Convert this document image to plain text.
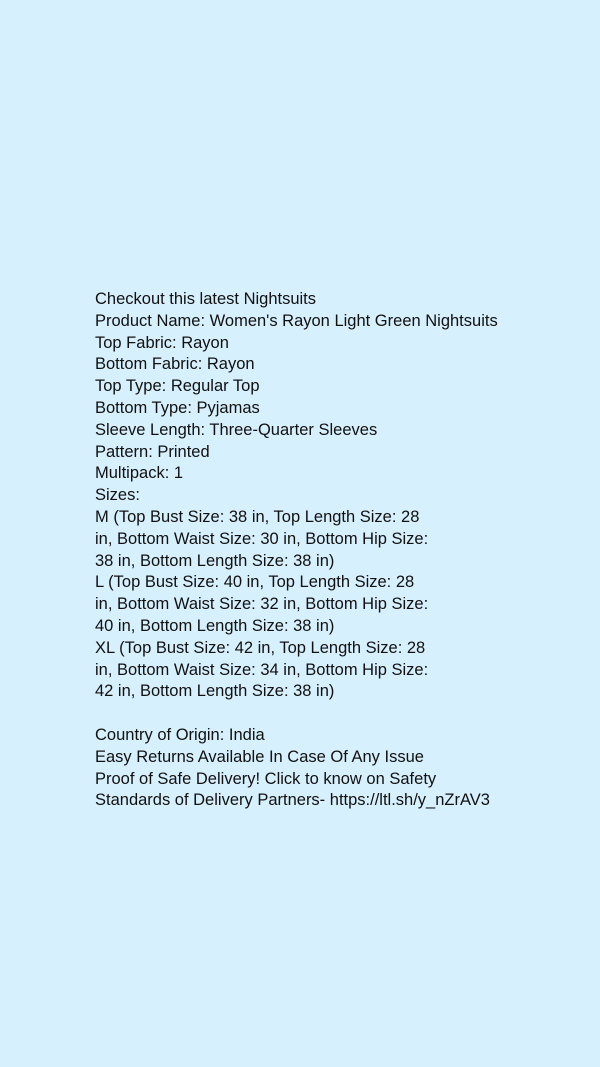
Checkout this latest Nightsuits
Product Name: Women's Rayon Light Green Nightsuits
Top Fabric: Rayon
Bottom Fabric: Rayon
Top Type: Regular Top
Bottom Type: Pyjamas
Sleeve Length: Three-Quarter Sleeves
Pattern: Printed
Multipack: 1
Sizes:
M (Top Bust Size: 38 in, Top Length Size: 28
in, Bottom Waist Size: 30 in, Bottom Hip Size:
38 in, Bottom Length Size: 38 in)
L (Top Bust Size: 40 in, Top Length Size: 28
in, Bottom Waist Size: 32 in, Bottom Hip Size:
40 in, Bottom Length Size: 38 in)
XL (Top Bust Size: 42 in, Top Length Size: 28
in, Bottom Waist Size: 34 in, Bottom Hip Size:
42 in, Bottom Length Size: 38 in)
Country of Origin: India
Easy Returns Available In Case Of Any Issue
Proof of Safe Delivery! Click to know on Safety
Standards of Delivery Partners- https://ltl.sh/y_nZrAV3
